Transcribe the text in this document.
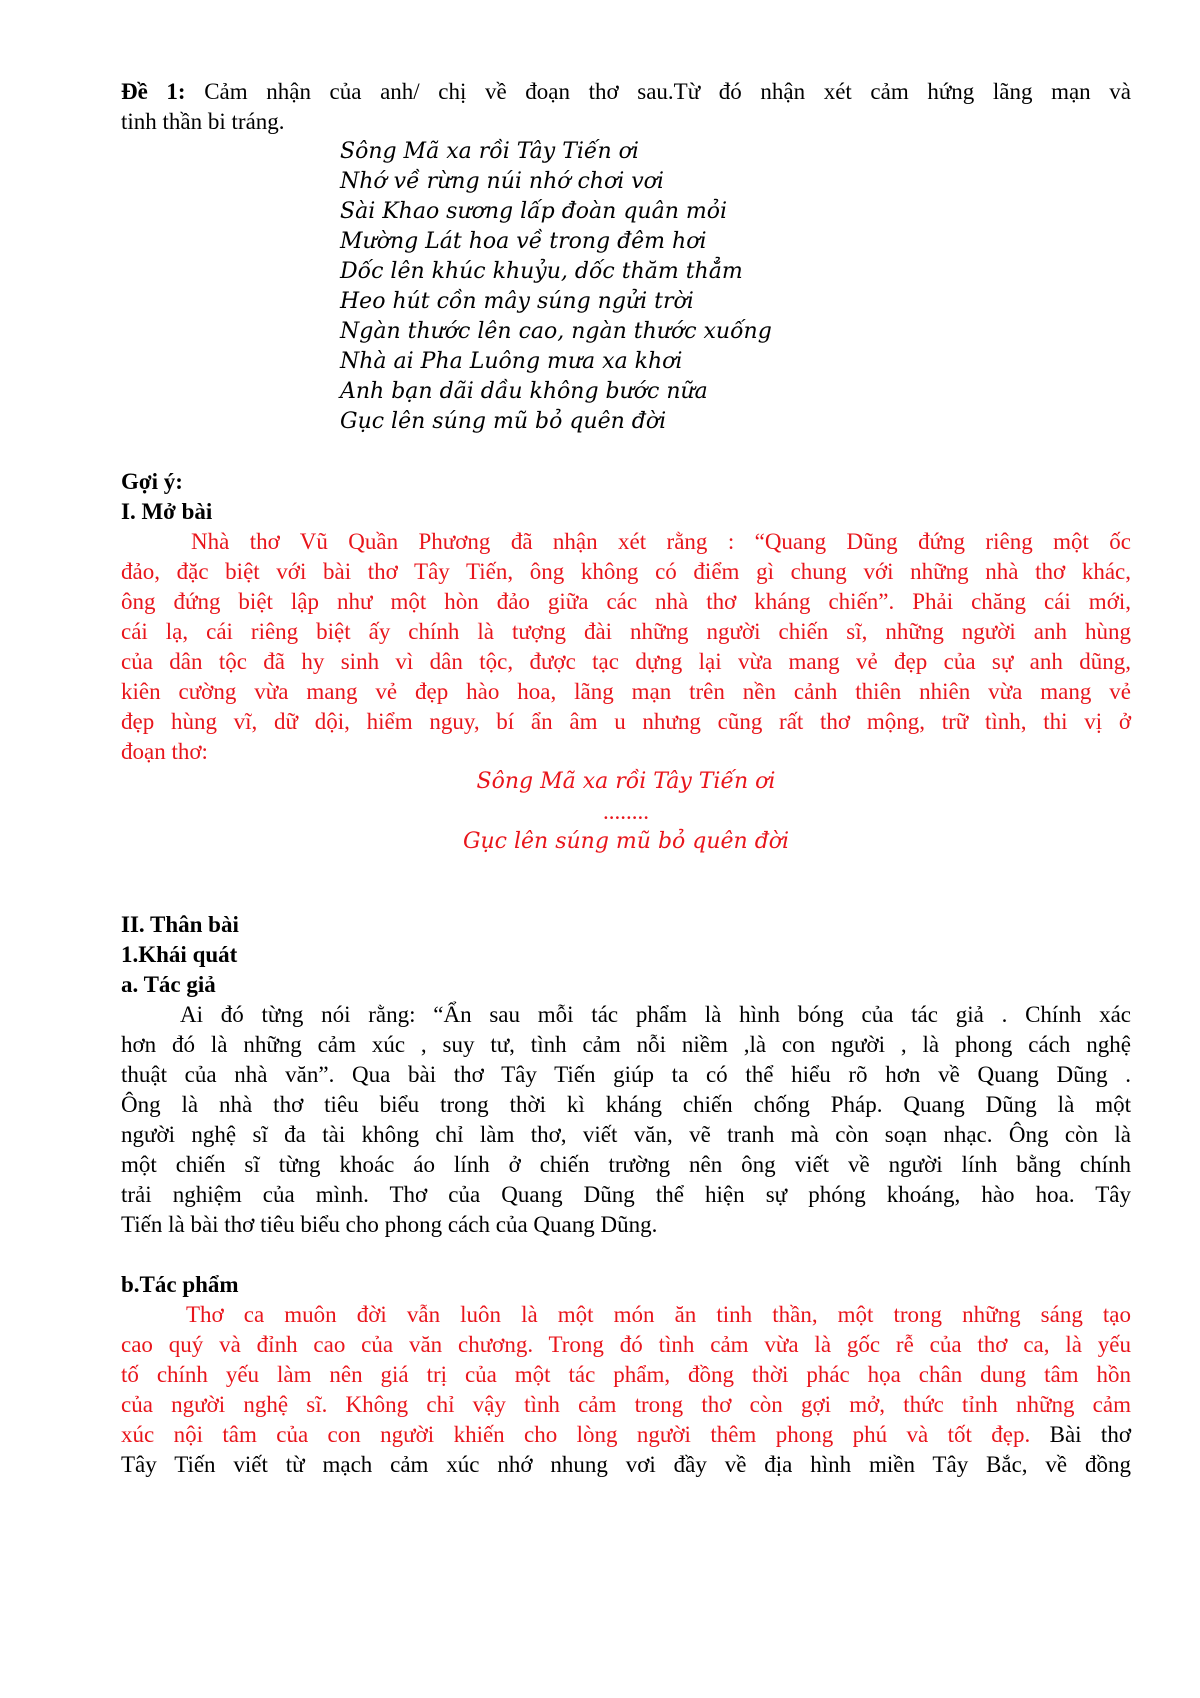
Đề 1: Cảm nhận của anh/ chị về đoạn thơ sau.Từ đó nhận xét cảm hứng lãng mạn và
tinh thần bi tráng.
Sông Mã xa rồi Tây Tiến ơi
Nhớ về rừng núi nhớ chơi vơi
Sài Khao sương lấp đoàn quân mỏi
Mường Lát hoa về trong đêm hơi
Dốc lên khúc khuỷu, dốc thăm thẳm
Heo hút cồn mây súng ngửi trời
Ngàn thước lên cao, ngàn thước xuống
Nhà ai Pha Luông mưa xa khơi
Anh bạn dãi dầu không bước nữa
Gục lên súng mũ bỏ quên đời
Gợi ý:
I. Mở bài
Nhà thơ Vũ Quần Phương đã nhận xét rằng : “Quang Dũng đứng riêng một ốc
đảo, đặc biệt với bài thơ Tây Tiến, ông không có điểm gì chung với những nhà thơ khác,
ông đứng biệt lập như một hòn đảo giữa các nhà thơ kháng chiến”. Phải chăng cái mới,
cái lạ, cái riêng biệt ấy chính là tượng đài những người chiến sĩ, những người anh hùng
của dân tộc đã hy sinh vì dân tộc, được tạc dựng lại vừa mang vẻ đẹp của sự anh dũng,
kiên cường vừa mang vẻ đẹp hào hoa, lãng mạn trên nền cảnh thiên nhiên vừa mang vẻ
đẹp hùng vĩ, dữ dội, hiểm nguy, bí ẩn âm u nhưng cũng rất thơ mộng, trữ tình, thi vị ở
đoạn thơ:
Sông Mã xa rồi Tây Tiến ơi
........
Gục lên súng mũ bỏ quên đời
II. Thân bài
1.Khái quát
a. Tác giả
Ai đó từng nói rằng: “Ẩn sau mỗi tác phẩm là hình bóng của tác giả . Chính xác
hơn đó là những cảm xúc , suy tư, tình cảm nỗi niềm ,là con người , là phong cách nghệ
thuật của nhà văn”. Qua bài thơ Tây Tiến giúp ta có thể hiểu rõ hơn về Quang Dũng .
Ông là nhà thơ tiêu biểu trong thời kì kháng chiến chống Pháp. Quang Dũng là một
người nghệ sĩ đa tài không chỉ làm thơ, viết văn, vẽ tranh mà còn soạn nhạc. Ông còn là
một chiến sĩ từng khoác áo lính ở chiến trường nên ông viết về người lính bằng chính
trải nghiệm của mình. Thơ của Quang Dũng thể hiện sự phóng khoáng, hào hoa. Tây
Tiến là bài thơ tiêu biểu cho phong cách của Quang Dũng.
b.Tác phẩm
Thơ ca muôn đời vẫn luôn là một món ăn tinh thần, một trong những sáng tạo
cao quý và đỉnh cao của văn chương. Trong đó tình cảm vừa là gốc rễ của thơ ca, là yếu
tố chính yếu làm nên giá trị của một tác phẩm, đồng thời phác họa chân dung tâm hồn
của người nghệ sĩ. Không chỉ vậy tình cảm trong thơ còn gợi mở, thức tỉnh những cảm
xúc nội tâm của con người khiến cho lòng người thêm phong phú và tốt đẹp. Bài thơ
Tây Tiến viết từ mạch cảm xúc nhớ nhung vơi đầy về địa hình miền Tây Bắc, về đồng
